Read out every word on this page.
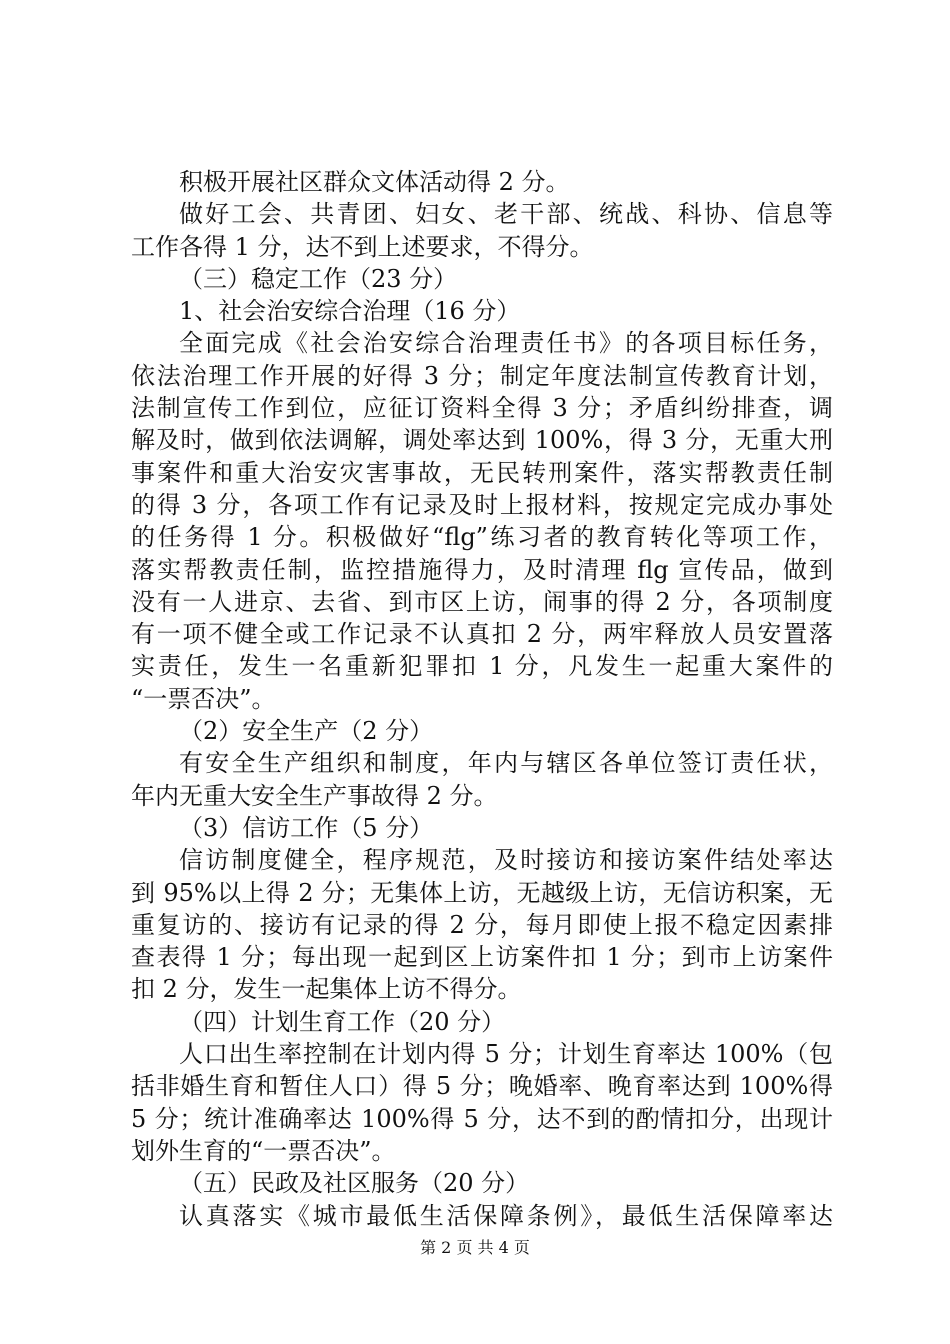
积极开展社区群众文体活动得 2 分。
做好工会、共青团、妇女、老干部、统战、科协、信息等
工作各得 1 分，达不到上述要求，不得分。
（三）稳定工作（23 分）
1、社会治安综合治理（16 分）
全面完成《社会治安综合治理责任书》的各项目标任务，
依法治理工作开展的好得 3 分；制定年度法制宣传教育计划，
法制宣传工作到位，应征订资料全得 3 分；矛盾纠纷排查，调
解及时，做到依法调解，调处率达到 100%，得 3 分，无重大刑
事案件和重大治安灾害事故，无民转刑案件，落实帮教责任制
的得 3 分，各项工作有记录及时上报材料，按规定完成办事处
的任务得 1 分。积极做好“flg”练习者的教育转化等项工作，
落实帮教责任制，监控措施得力，及时清理 flg 宣传品，做到
没有一人进京、去省、到市区上访，闹事的得 2 分，各项制度
有一项不健全或工作记录不认真扣 2 分，两牢释放人员安置落
实责任，发生一名重新犯罪扣 1 分，凡发生一起重大案件的
“一票否决”。
（2）安全生产（2 分）
有安全生产组织和制度，年内与辖区各单位签订责任状，
年内无重大安全生产事故得 2 分。
（3）信访工作（5 分）
信访制度健全，程序规范，及时接访和接访案件结处率达
到 95%以上得 2 分；无集体上访，无越级上访，无信访积案，无
重复访的、接访有记录的得 2 分，每月即使上报不稳定因素排
查表得 1 分；每出现一起到区上访案件扣 1 分；到市上访案件
扣 2 分，发生一起集体上访不得分。
（四）计划生育工作（20 分）
人口出生率控制在计划内得 5 分；计划生育率达 100%（包
括非婚生育和暂住人口）得 5 分；晚婚率、晚育率达到 100%得
5 分；统计准确率达 100%得 5 分，达不到的酌情扣分，出现计
划外生育的“一票否决”。
（五）民政及社区服务（20 分）
认真落实《城市最低生活保障条例》，最低生活保障率达
第 2 页 共 4 页
